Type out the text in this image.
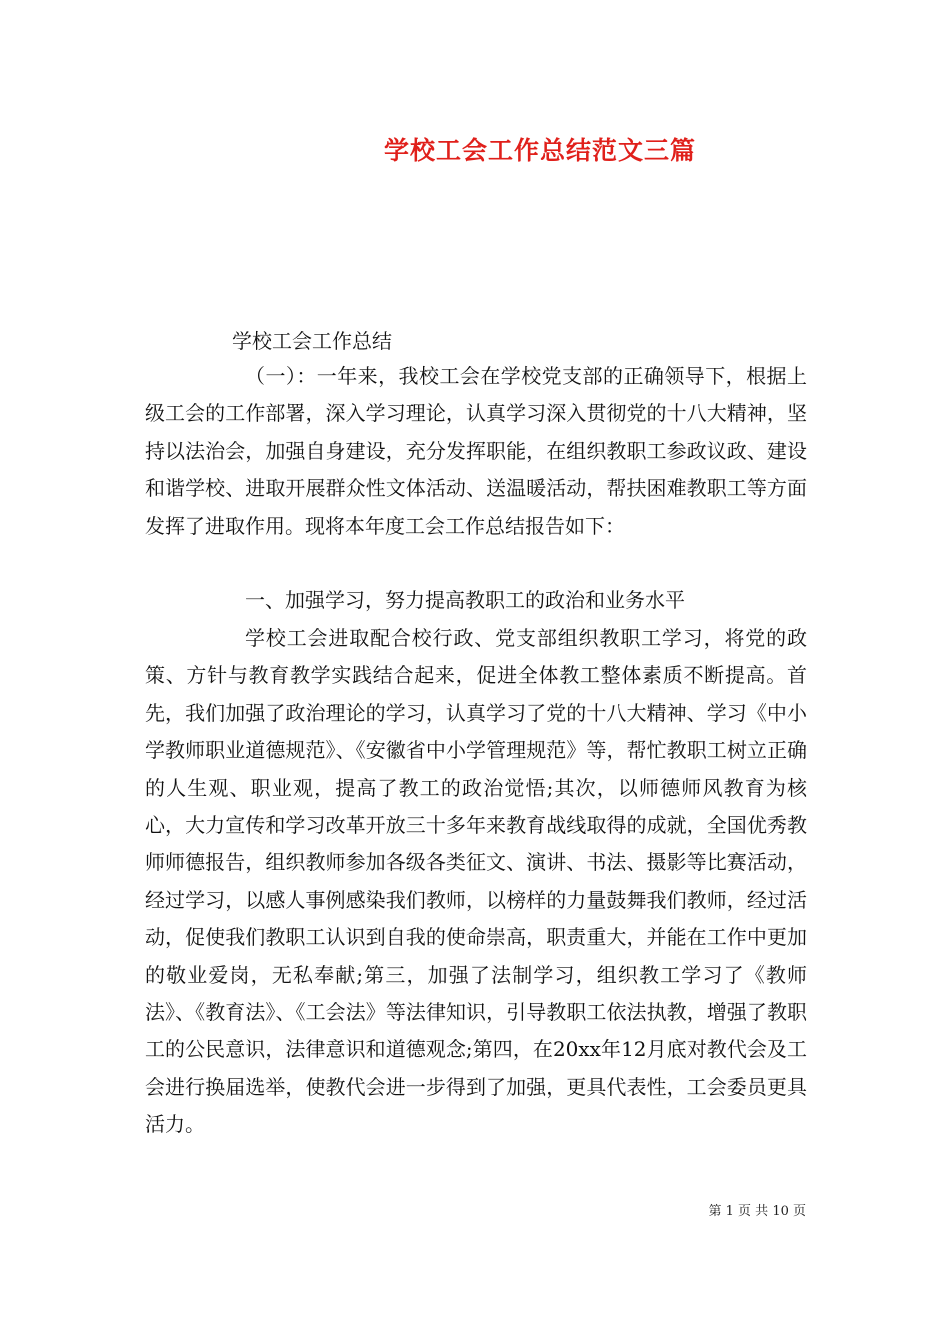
学校工会工作总结范文三篇
学校工会工作总结

（一）：一年来，我校工会在学校党支部的正确领导下，根据上级工会的工作部署，深入学习理论，认真学习深入贯彻党的十八大精神，坚持以法治会，加强自身建设，充分发挥职能，在组织教职工参政议政、建设和谐学校、进取开展群众性文体活动、送温暖活动，帮扶困难教职工等方面发挥了进取作用。现将本年度工会工作总结报告如下：

一、加强学习，努力提高教职工的政治和业务水平

学校工会进取配合校行政、党支部组织教职工学习，将党的政策、方针与教育教学实践结合起来，促进全体教工整体素质不断提高。首先，我们加强了政治理论的学习，认真学习了党的十八大精神、学习《中小学教师职业道德规范》、《安徽省中小学管理规范》等，帮忙教职工树立正确的人生观、职业观，提高了教工的政治觉悟;其次，以师德师风教育为核心，大力宣传和学习改革开放三十多年来教育战线取得的成就，全国优秀教师师德报告，组织教师参加各级各类征文、演讲、书法、摄影等比赛活动，经过学习，以感人事例感染我们教师，以榜样的力量鼓舞我们教师，经过活动，促使我们教职工认识到自我的使命崇高，职责重大，并能在工作中更加的敬业爱岗，无私奉献;第三，加强了法制学习，组织教工学习了《教师法》、《教育法》、《工会法》等法律知识，引导教职工依法执教，增强了教职工的公民意识，法律意识和道德观念;第四，在20xx年12月底对教代会及工会进行换届选举，使教代会进一步得到了加强，更具代表性，工会委员更具活力。

第 1 页 共 10 页
